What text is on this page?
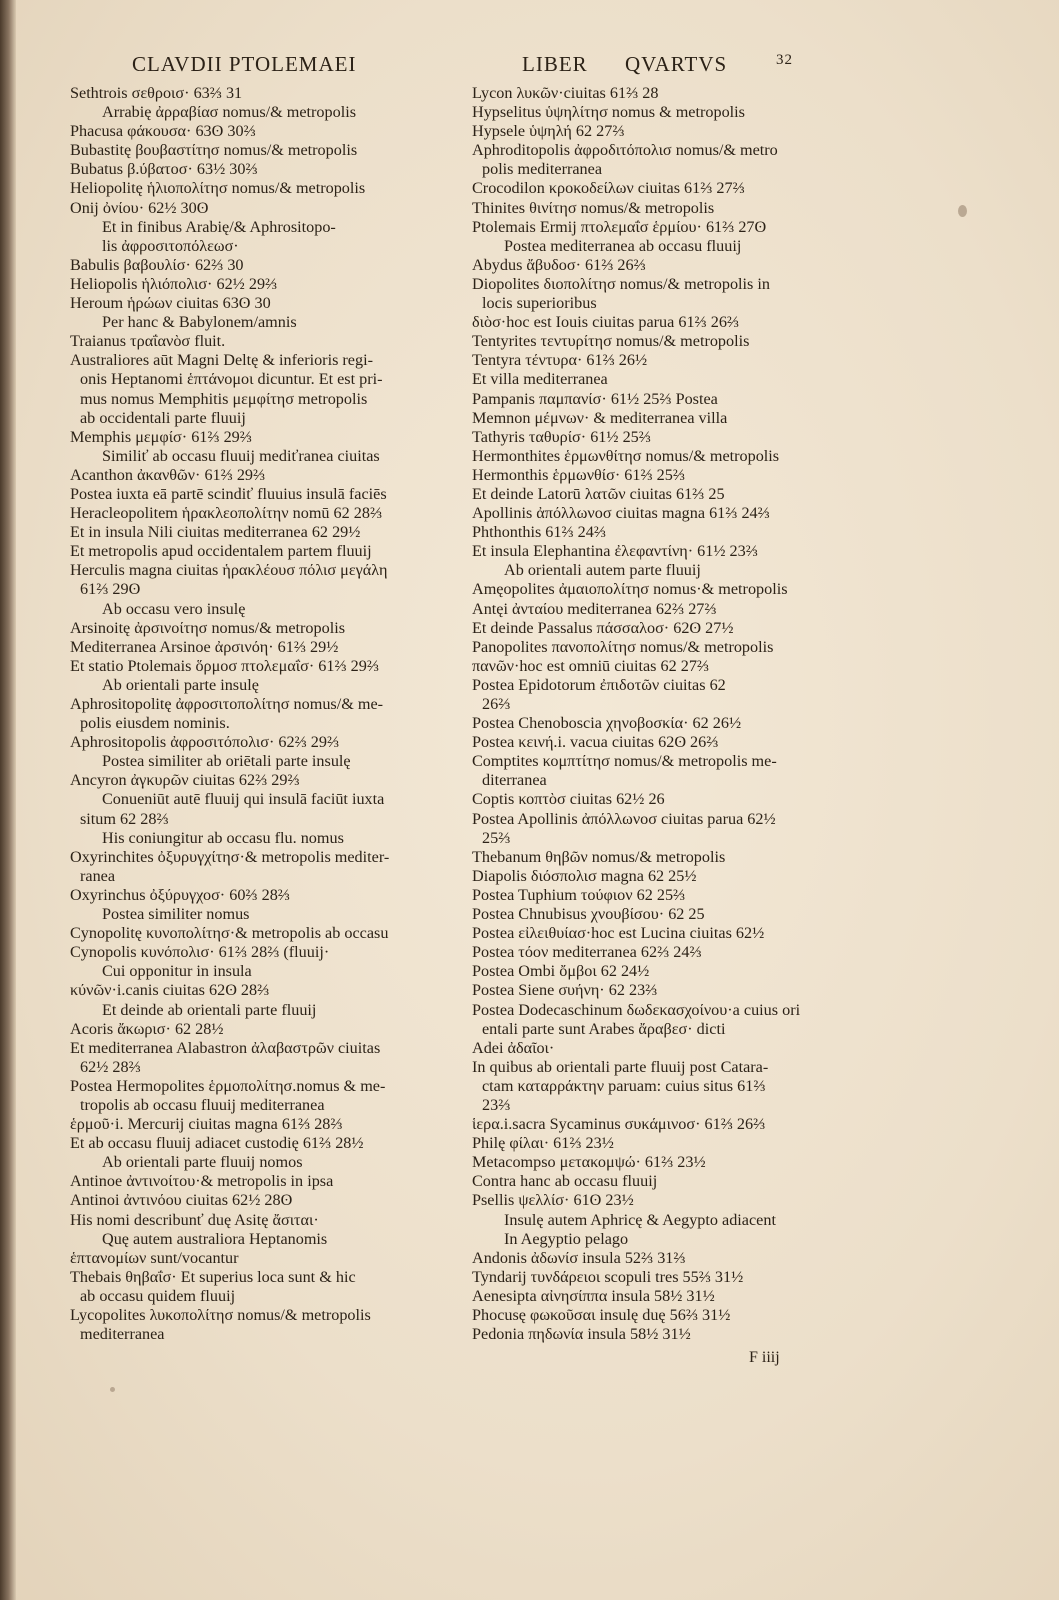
CLAVDII PTOLEMAEI	LIBER QVARTVS	32
Sethtrois σεθροισ· 63⅔ 31
Arrabię ἀρραβίασ nomus/& metropolis
Phacusa φάκουσα· 63ʘ 30⅔
Bubastitę βουβαστίτησ nomus/& metropolis
Bubatus β.ύβατοσ· 63½ 30⅔
Heliopolitę ἡλιοπολίτησ nomus/& metropolis
Onij ὀνίου· 62½ 30ʘ
Et in finibus Arabię/& Aphrositopo-
lis ἀφροσιτοπόλεωσ·
Babulis βαβουλίσ· 62⅔ 30
Heliopolis ἡλιόπολισ· 62½ 29⅔
Heroum ἡρώων ciuitas 63ʘ 30
Per hanc & Babylonem/amnis
Traianus τραΐανὸσ fluit.
Australiores aūt Magni Deltę & inferioris regi-
onis Heptanomi ἑπτάνομοι dicuntur. Et est pri-
mus nomus Memphitis μεμφίτησ metropolis
ab occidentali parte fluuij
Memphis μεμφίσ· 61⅔ 29⅔
Similiť ab occasu fluuij mediťranea ciuitas
Acanthon ἀκανθῶν· 61⅔ 29⅔
Postea iuxta eā partē scindiť fluuius insulā faciēs
Heracleopolitem ἡρακλεοπολίτην nomū 62 28⅔
Et in insula Nili ciuitas mediterranea 62 29½
Et metropolis apud occidentalem partem fluuij
Herculis magna ciuitas ἡρακλέουσ πόλισ μεγάλη
61⅔ 29ʘ
Ab occasu vero insulę
Arsinoitę ἀρσινοίτησ nomus/& metropolis
Mediterranea Arsinoe ἀρσινόη· 61⅔ 29½
Et statio Ptolemais ὅρμοσ πτολεμαΐσ· 61⅔ 29⅔
Ab orientali parte insulę
Aphrositopolitę ἀφροσιτοπολίτησ nomus/& me-
polis eiusdem nominis.
Aphrositopolis ἀφροσιτόπολισ· 62⅔ 29⅔
Postea similiter ab oriētali parte insulę
Ancyron ἀγκυρῶν ciuitas 62⅔ 29⅔
Conueniūt autē fluuij qui insulā faciūt iuxta
situm 62 28⅔
His coniungitur ab occasu flu. nomus
Oxyrinchites ὀξυρυγχίτησ·& metropolis mediter-
ranea
Oxyrinchus ὀξύρυγχοσ· 60⅔ 28⅔
Postea similiter nomus
Cynopolitę κυνοπολίτησ·& metropolis ab occasu
Cynopolis κυνόπολισ· 61⅔ 28⅔ (fluuij·
Cui opponitur in insula
κύνῶν·i.canis ciuitas 62ʘ 28⅔
Et deinde ab orientali parte fluuij
Acoris ἄκωρισ· 62 28½
Et mediterranea Alabastron ἀλαβαστρῶν ciuitas
62½ 28⅔
Postea Hermopolites ἑρμοπολίτησ.nomus & me-
tropolis ab occasu fluuij mediterranea
ἑρμοῦ·i. Mercurij ciuitas magna 61⅔ 28⅔
Et ab occasu fluuij adiacet custodię 61⅔ 28½
Ab orientali parte fluuij nomos
Antinoe ἀντινοίτου·& metropolis in ipsa
Antinoi ἀντινόου ciuitas 62½ 28ʘ
His nomi describunť duę Asitę ἄσιται·
Quę autem australiora Heptanomis
ἑπτανομίων sunt/vocantur
Thebais θηβαΐσ· Et superius loca sunt & hic
ab occasu quidem fluuij
Lycopolites λυκοπολίτησ nomus/& metropolis
mediterranea
Lycon λυκῶν·ciuitas 61⅔ 28
Hypselitus ὑψηλίτησ nomus & metropolis
Hypsele ὑψηλή 62 27⅔
Aphroditopolis ἀφροδιτόπολισ nomus/& metro
polis mediterranea
Crocodilon κροκοδείλων ciuitas 61⅔ 27⅔
Thinites θινίτησ nomus/& metropolis
Ptolemais Ermij πτολεμαΐσ ἑρμίου· 61⅔ 27ʘ
Postea mediterranea ab occasu fluuij
Abydus ἄβυδοσ· 61⅔ 26⅔
Diopolites διοπολίτησ nomus/& metropolis in
locis superioribus
διὸσ·hoc est Iouis ciuitas parua 61⅔ 26⅔
Tentyrites τεντυρίτησ nomus/& metropolis
Tentyra τέντυρα· 61⅔ 26½
Et villa mediterranea
Pampanis παμπανίσ· 61½ 25⅔ Postea
Memnon μέμνων· & mediterranea villa
Tathyris ταθυρίσ· 61½ 25⅔
Hermonthites ἑρμωνθίτησ nomus/& metropolis
Hermonthis ἑρμωνθίσ· 61⅔ 25⅔
Et deinde Latorū λατῶν ciuitas 61⅔ 25
Apollinis ἀπόλλωνοσ ciuitas magna 61⅔ 24⅔
Phthonthis 61⅔ 24⅔
Et insula Elephantina ἐλεφαντίνη· 61½ 23⅔
Ab orientali autem parte fluuij
Amęopolites ἀμαιοπολίτησ nomus·& metropolis
Antęi ἀνταίου mediterranea 62⅔ 27⅔
Et deinde Passalus πάσσαλοσ· 62ʘ 27½
Panopolites πανοπολίτησ nomus/& metropolis
πανῶν·hoc est omniū ciuitas 62 27⅔
Postea Epidotorum ἐπιδοτῶν ciuitas 62
26⅔
Postea Chenoboscia χηνοβοσκία· 62 26½
Postea κεινή.i. vacua ciuitas 62ʘ 26⅔
Comptites κομπτίτησ nomus/& metropolis me-
diterranea
Coptis κοπτὸσ ciuitas 62½ 26
Postea Apollinis ἀπόλλωνοσ ciuitas parua 62½
25⅔
Thebanum θηβῶν nomus/& metropolis
Diapolis διόσπολισ magna 62 25½
Postea Tuphium τούφιον 62 25⅔
Postea Chnubisus χνουβίσου· 62 25
Postea εἰλειθυίασ·hoc est Lucina ciuitas 62½
Postea τόον mediterranea 62⅔ 24⅔
Postea Ombi ὄμβοι 62 24½
Postea Siene συήνη· 62 23⅔
Postea Dodecaschinum δωδεκασχοίνου·a cuius ori
entali parte sunt Arabes ἄραβεσ· dicti
Adei ἀδαῖοι·
In quibus ab orientali parte fluuij post Catara-
ctam καταρράκτην paruam: cuius situs 61⅔
23⅔
ἱερα.i.sacra Sycaminus συκάμινοσ· 61⅔ 26⅔
Philę φίλαι· 61⅔ 23½
Metacompso μετακομψώ· 61⅔ 23½
Contra hanc ab occasu fluuij
Psellis ψελλίσ· 61ʘ 23½
Insulę autem Aphricę & Aegypto adiacent
In Aegyptio pelago
Andonis ἀδωνίσ insula 52⅔ 31⅔
Tyndarij τυνδάρειοι scopuli tres 55⅔ 31½
Aenesipta αἰνησίππα insula 58½ 31½
Phocusę φωκοῦσαι insulę duę 56⅔ 31½
Pedonia πηδωνία insula 58½ 31½
F iiij
